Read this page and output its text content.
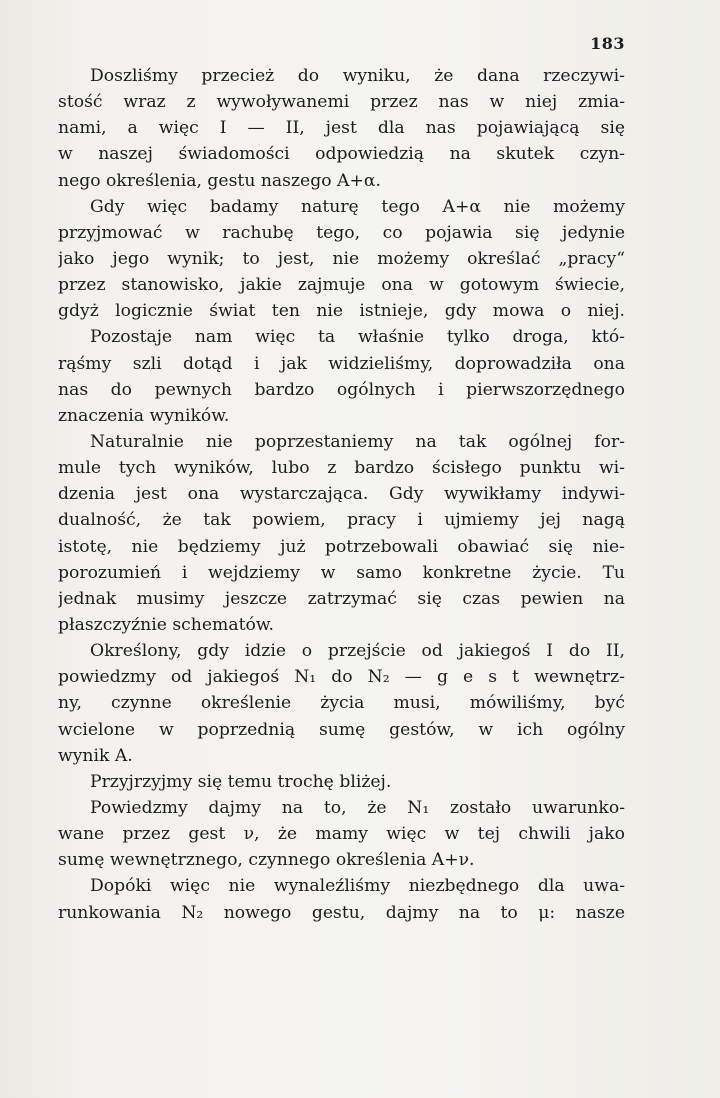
183
Doszliśmy przecież do wyniku, że dana rzeczywi-
stość wraz z wywoływanemi przez nas w niej zmia-
nami, a więc I — II, jest dla nas pojawiającą się
w naszej świadomości odpowiedzią na skutek czyn-
nego określenia, gestu naszego A+α.
Gdy więc badamy naturę tego A+α nie możemy
przyjmować w rachubę tego, co pojawia się jedynie
jako jego wynik; to jest, nie możemy określać „pracy“
przez stanowisko, jakie zajmuje ona w gotowym świecie,
gdyż logicznie świat ten nie istnieje, gdy mowa o niej.
Pozostaje nam więc ta właśnie tylko droga, któ-
rąśmy szli dotąd i jak widzieliśmy, doprowadziła ona
nas do pewnych bardzo ogólnych i pierwszorzędnego
znaczenia wyników.
Naturalnie nie poprzestaniemy na tak ogólnej for-
mule tych wyników, lubo z bardzo ścisłego punktu wi-
dzenia jest ona wystarczająca. Gdy wywikłamy indywi-
dualność, że tak powiem, pracy i ujmiemy jej nagą
istotę, nie będziemy już potrzebowali obawiać się nie-
porozumień i wejdziemy w samo konkretne życie. Tu
jednak musimy jeszcze zatrzymać się czas pewien na
płaszczyźnie schematów.
Określony, gdy idzie o przejście od jakiegoś I do II,
powiedzmy od jakiegoś N₁ do N₂ — g e s t wewnętrz-
ny, czynne określenie życia musi, mówiliśmy, być
wcielone w poprzednią sumę gestów, w ich ogólny
wynik A.
Przyjrzyjmy się temu trochę bliżej.
Powiedzmy dajmy na to, że N₁ zostało uwarunko-
wane przez gest ν, że mamy więc w tej chwili jako
sumę wewnętrznego, czynnego określenia A+ν.
Dopóki więc nie wynaleźliśmy niezbędnego dla uwa-
runkowania N₂ nowego gestu, dajmy na to μ: nasze
